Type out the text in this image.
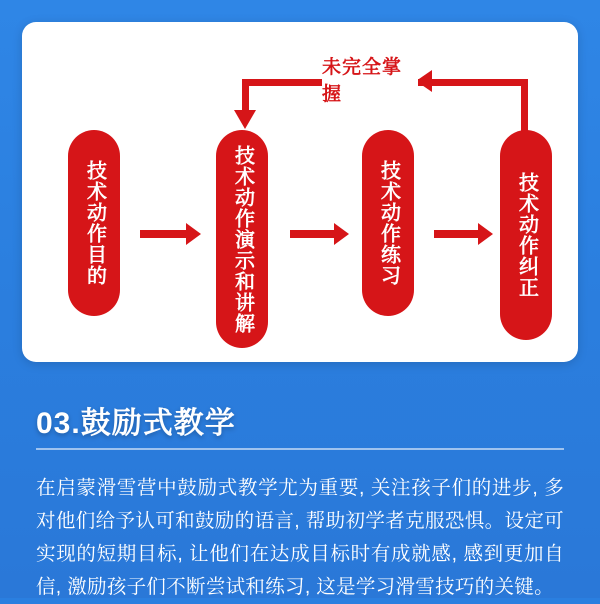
未完全掌握
技术动作目的	技术动作演示和讲解	技术动作练习	技术动作纠正
03.鼓励式教学
在启蒙滑雪营中鼓励式教学尤为重要, 关注孩子们的进步, 多对他们给予认可和鼓励的语言, 帮助初学者克服恐惧。设定可实现的短期目标, 让他们在达成目标时有成就感, 感到更加自信, 激励孩子们不断尝试和练习, 这是学习滑雪技巧的关键。
